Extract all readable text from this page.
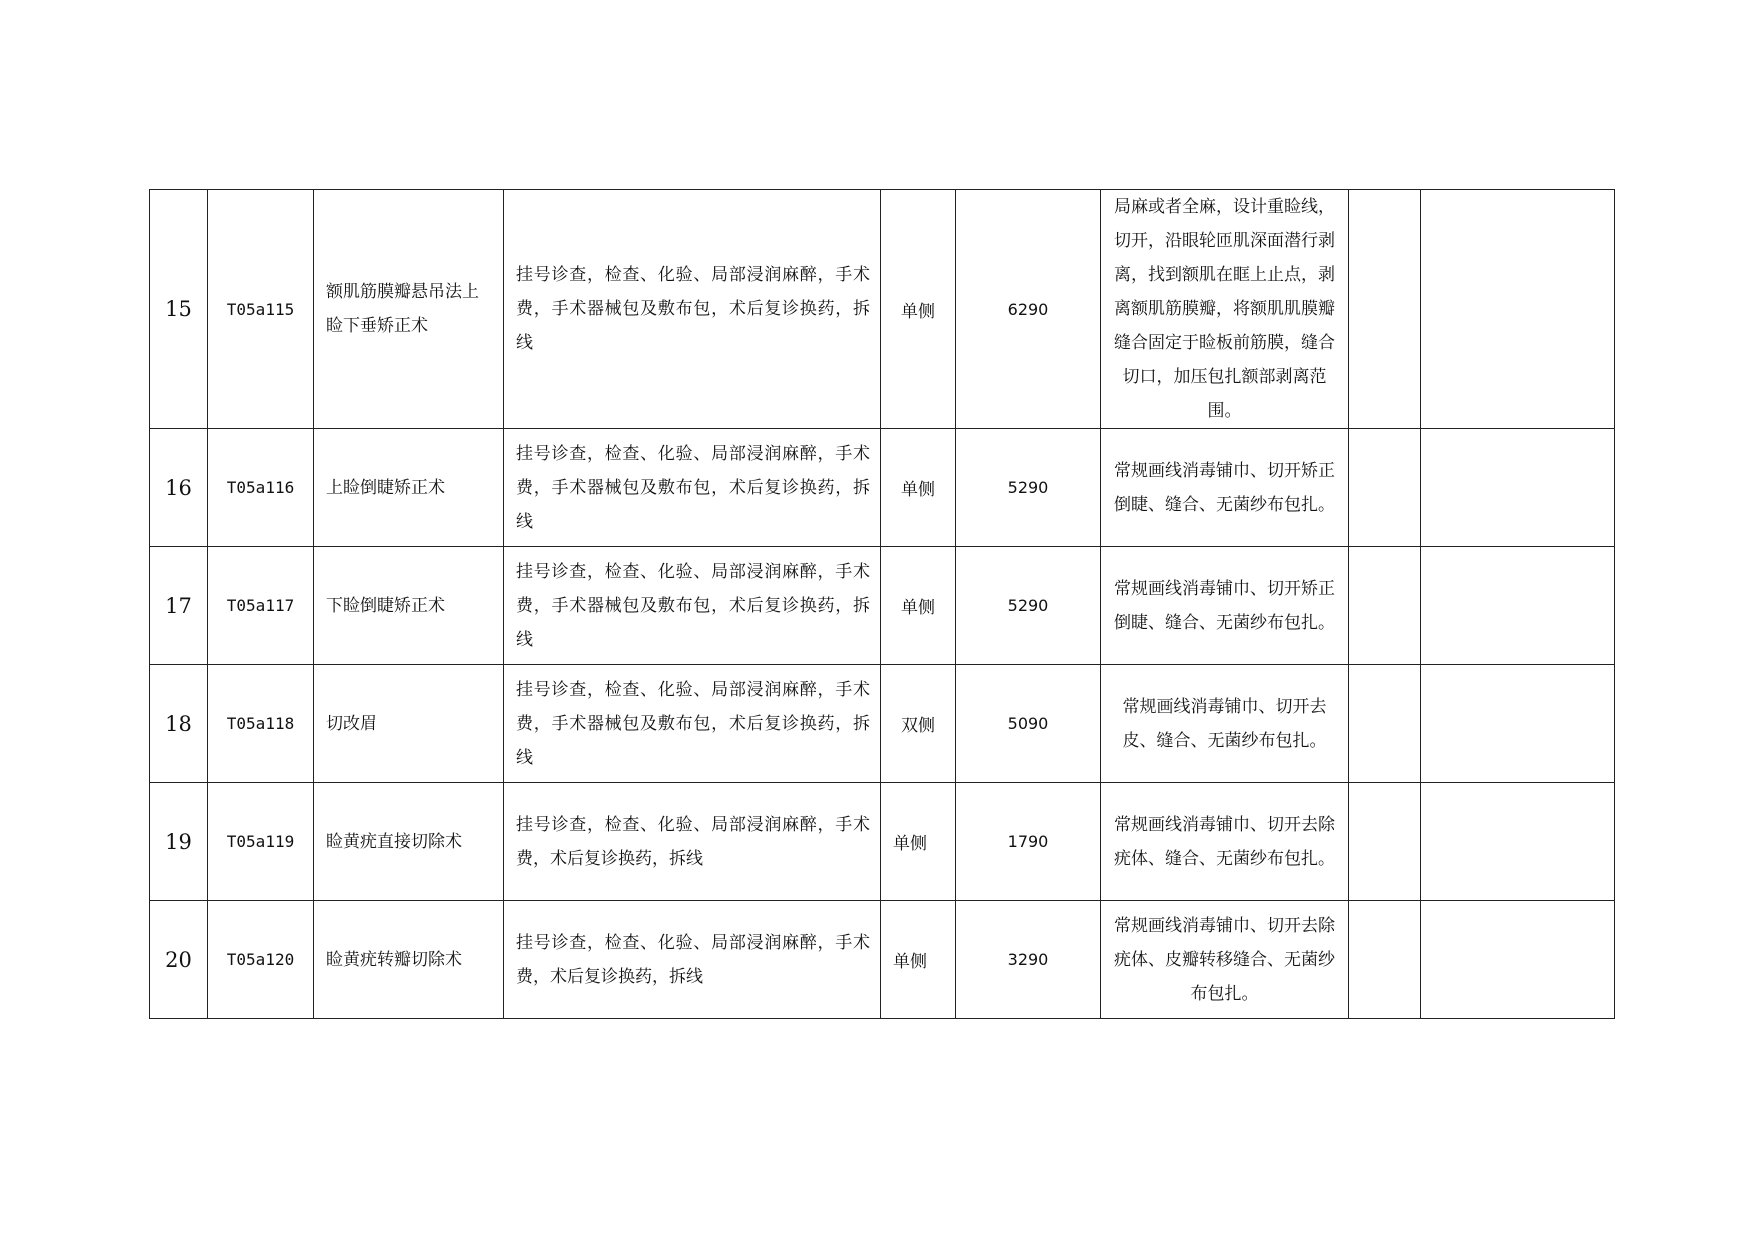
15	T05a115	额肌筋膜瓣悬吊法上睑下垂矫正术	挂号诊查，检查、化验、局部浸润麻醉，手术费，手术器械包及敷布包，术后复诊换药，拆线	单侧	6290	局麻或者全麻，设计重睑线，切开，沿眼轮匝肌深面潜行剥离，找到额肌在眶上止点，剥离额肌筋膜瓣，将额肌肌膜瓣缝合固定于睑板前筋膜，缝合切口，加压包扎额部剥离范围。		
16	T05a116	上睑倒睫矫正术	挂号诊查，检查、化验、局部浸润麻醉，手术费，手术器械包及敷布包，术后复诊换药，拆线	单侧	5290	常规画线消毒铺巾、切开矫正倒睫、缝合、无菌纱布包扎。		
17	T05a117	下睑倒睫矫正术	挂号诊查，检查、化验、局部浸润麻醉，手术费，手术器械包及敷布包，术后复诊换药，拆线	单侧	5290	常规画线消毒铺巾、切开矫正倒睫、缝合、无菌纱布包扎。		
18	T05a118	切改眉	挂号诊查，检查、化验、局部浸润麻醉，手术费，手术器械包及敷布包，术后复诊换药，拆线	双侧	5090	常规画线消毒铺巾、切开去皮、缝合、无菌纱布包扎。		
19	T05a119	睑黄疣直接切除术	挂号诊查，检查、化验、局部浸润麻醉，手术费，术后复诊换药，拆线	单侧	1790	常规画线消毒铺巾、切开去除疣体、缝合、无菌纱布包扎。		
20	T05a120	睑黄疣转瓣切除术	挂号诊查，检查、化验、局部浸润麻醉，手术费，术后复诊换药，拆线	单侧	3290	常规画线消毒铺巾、切开去除疣体、皮瓣转移缝合、无菌纱布包扎。		
